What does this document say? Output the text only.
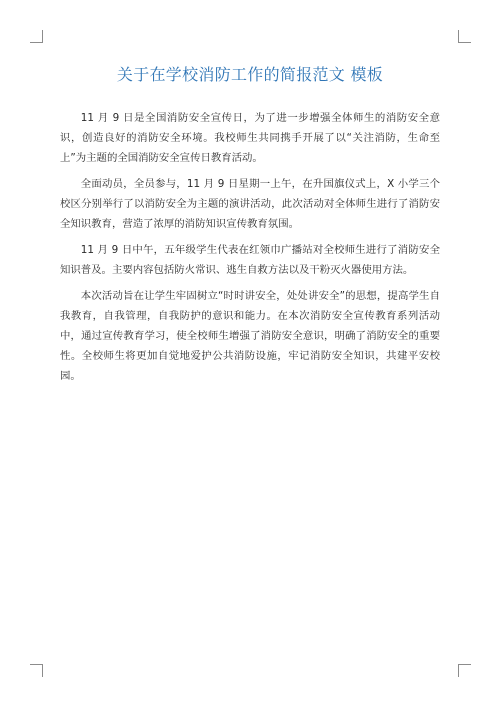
关于在学校消防工作的简报范文 模板

11 月 9 日是全国消防安全宣传日，为了进一步增强全体师生的消防安全意识，创造良好的消防安全环境。我校师生共同携手开展了以“关注消防，生命至上”为主题的全国消防安全宣传日教育活动。

全面动员，全员参与，11 月 9 日星期一上午，在升国旗仪式上，X 小学三个校区分别举行了以消防安全为主题的演讲活动，此次活动对全体师生进行了消防安全知识教育，营造了浓厚的消防知识宣传教育氛围。

11 月 9 日中午，五年级学生代表在红领巾广播站对全校师生进行了消防安全知识普及。主要内容包括防火常识、逃生自救方法以及干粉灭火器使用方法。

本次活动旨在让学生牢固树立“时时讲安全，处处讲安全”的思想，提高学生自我教育，自我管理，自我防护的意识和能力。在本次消防安全宣传教育系列活动中，通过宣传教育学习，使全校师生增强了消防安全意识，明确了消防安全的重要性。全校师生将更加自觉地爱护公共消防设施，牢记消防安全知识，共建平安校园。
